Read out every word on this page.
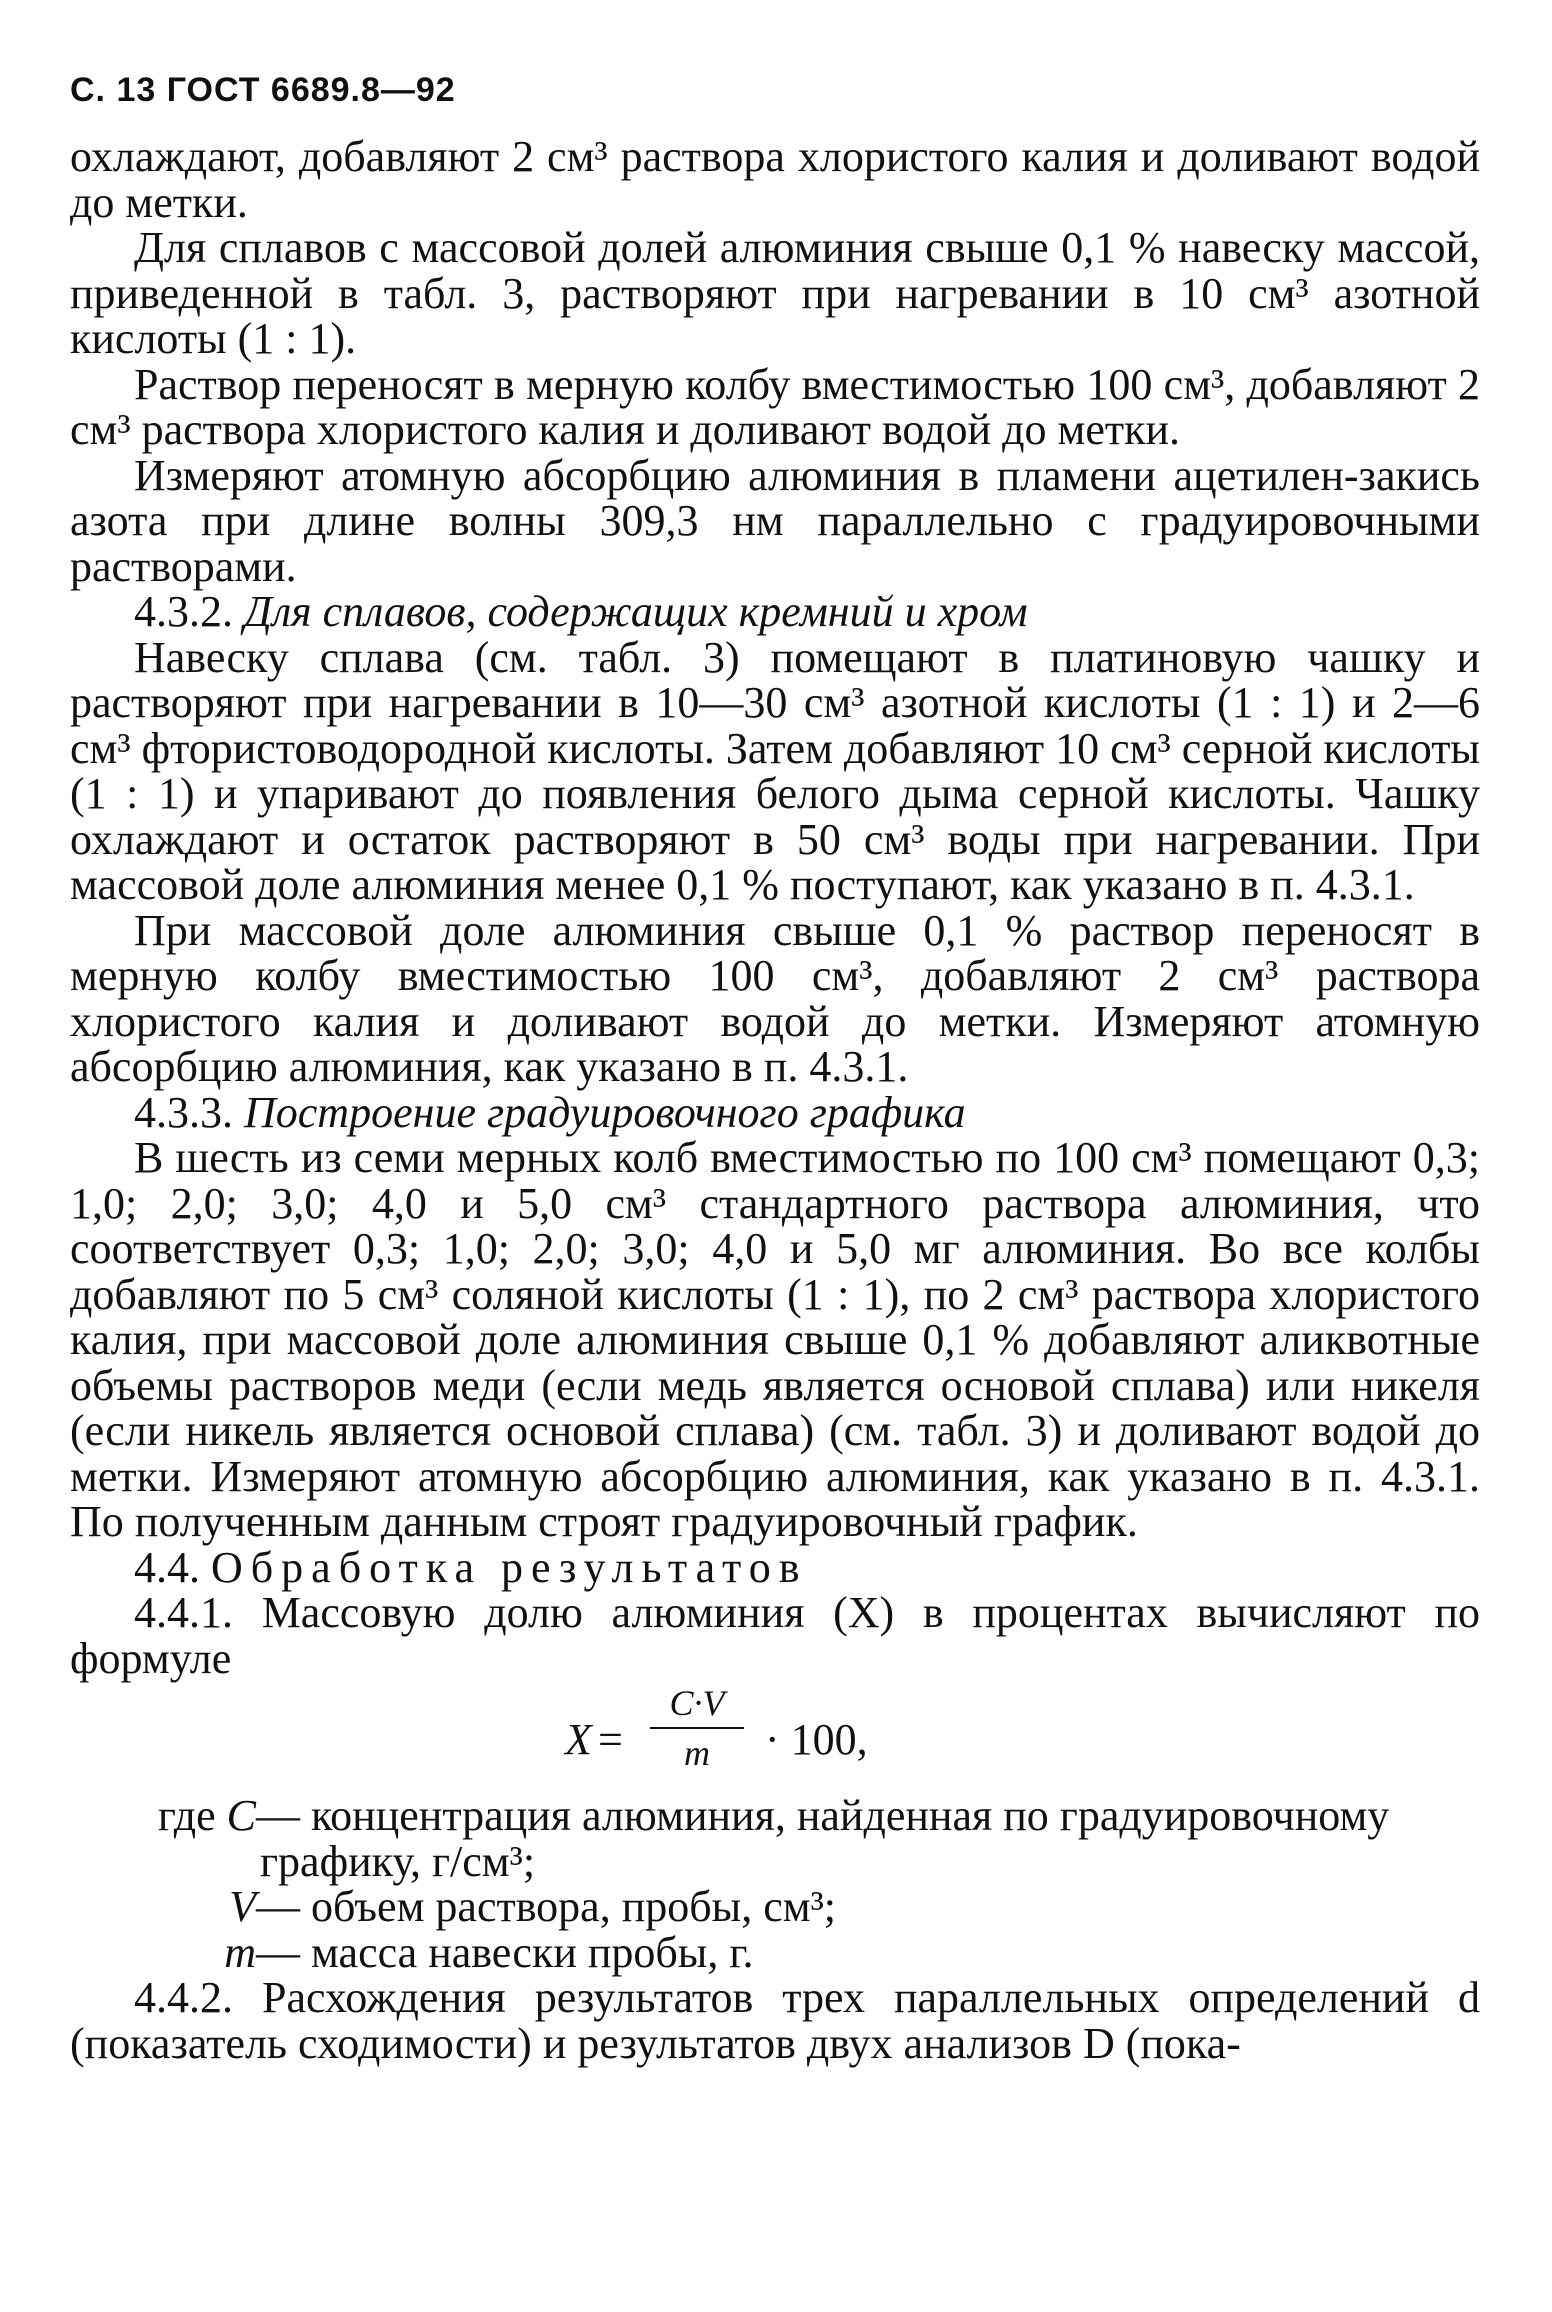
С. 13 ГОСТ 6689.8—92

охлаждают, добавляют 2 см³ раствора хлористого калия и доливают водой до метки.

Для сплавов с массовой долей алюминия свыше 0,1 % навеску массой, приведенной в табл. 3, растворяют при нагревании в 10 см³ азотной кислоты (1 : 1).

Раствор переносят в мерную колбу вместимостью 100 см³, добавляют 2 см³ раствора хлористого калия и доливают водой до метки.

Измеряют атомную абсорбцию алюминия в пламени ацетилен-закись азота при длине волны 309,3 нм параллельно с градуировочными растворами.

4.3.2. Для сплавов, содержащих кремний и хром

Навеску сплава (см. табл. 3) помещают в платиновую чашку и растворяют при нагревании в 10—30 см³ азотной кислоты (1 : 1) и 2—6 см³ фтористоводородной кислоты. Затем добавляют 10 см³ серной кислоты (1 : 1) и упаривают до появления белого дыма серной кислоты. Чашку охлаждают и остаток растворяют в 50 см³ воды при нагревании. При массовой доле алюминия менее 0,1 % поступают, как указано в п. 4.3.1.

При массовой доле алюминия свыше 0,1 % раствор переносят в мерную колбу вместимостью 100 см³, добавляют 2 см³ раствора хлористого калия и доливают водой до метки. Измеряют атомную абсорбцию алюминия, как указано в п. 4.3.1.

4.3.3. Построение градуировочного графика

В шесть из семи мерных колб вместимостью по 100 см³ помещают 0,3; 1,0; 2,0; 3,0; 4,0 и 5,0 см³ стандартного раствора алюминия, что соответствует 0,3; 1,0; 2,0; 3,0; 4,0 и 5,0 мг алюминия. Во все колбы добавляют по 5 см³ соляной кислоты (1 : 1), по 2 см³ раствора хлористого калия, при массовой доле алюминия свыше 0,1 % добавляют аликвотные объемы растворов меди (если медь является основой сплава) или никеля (если никель является основой сплава) (см. табл. 3) и доливают водой до метки. Измеряют атомную абсорбцию алюминия, как указано в п. 4.3.1. По полученным данным строят градуировочный график.

4.4. Обработка результатов

4.4.1. Массовую долю алюминия (X) в процентах вычисляют по формуле

X =
C·V
m	· 100,
где C — концентрация алюминия, найденная по градуировочному
графику, г/см³;
V — объем раствора, пробы, см³;
m — масса навески пробы, г.

4.4.2. Расхождения результатов трех параллельных определений d (показатель сходимости) и результатов двух анализов D (пока-
